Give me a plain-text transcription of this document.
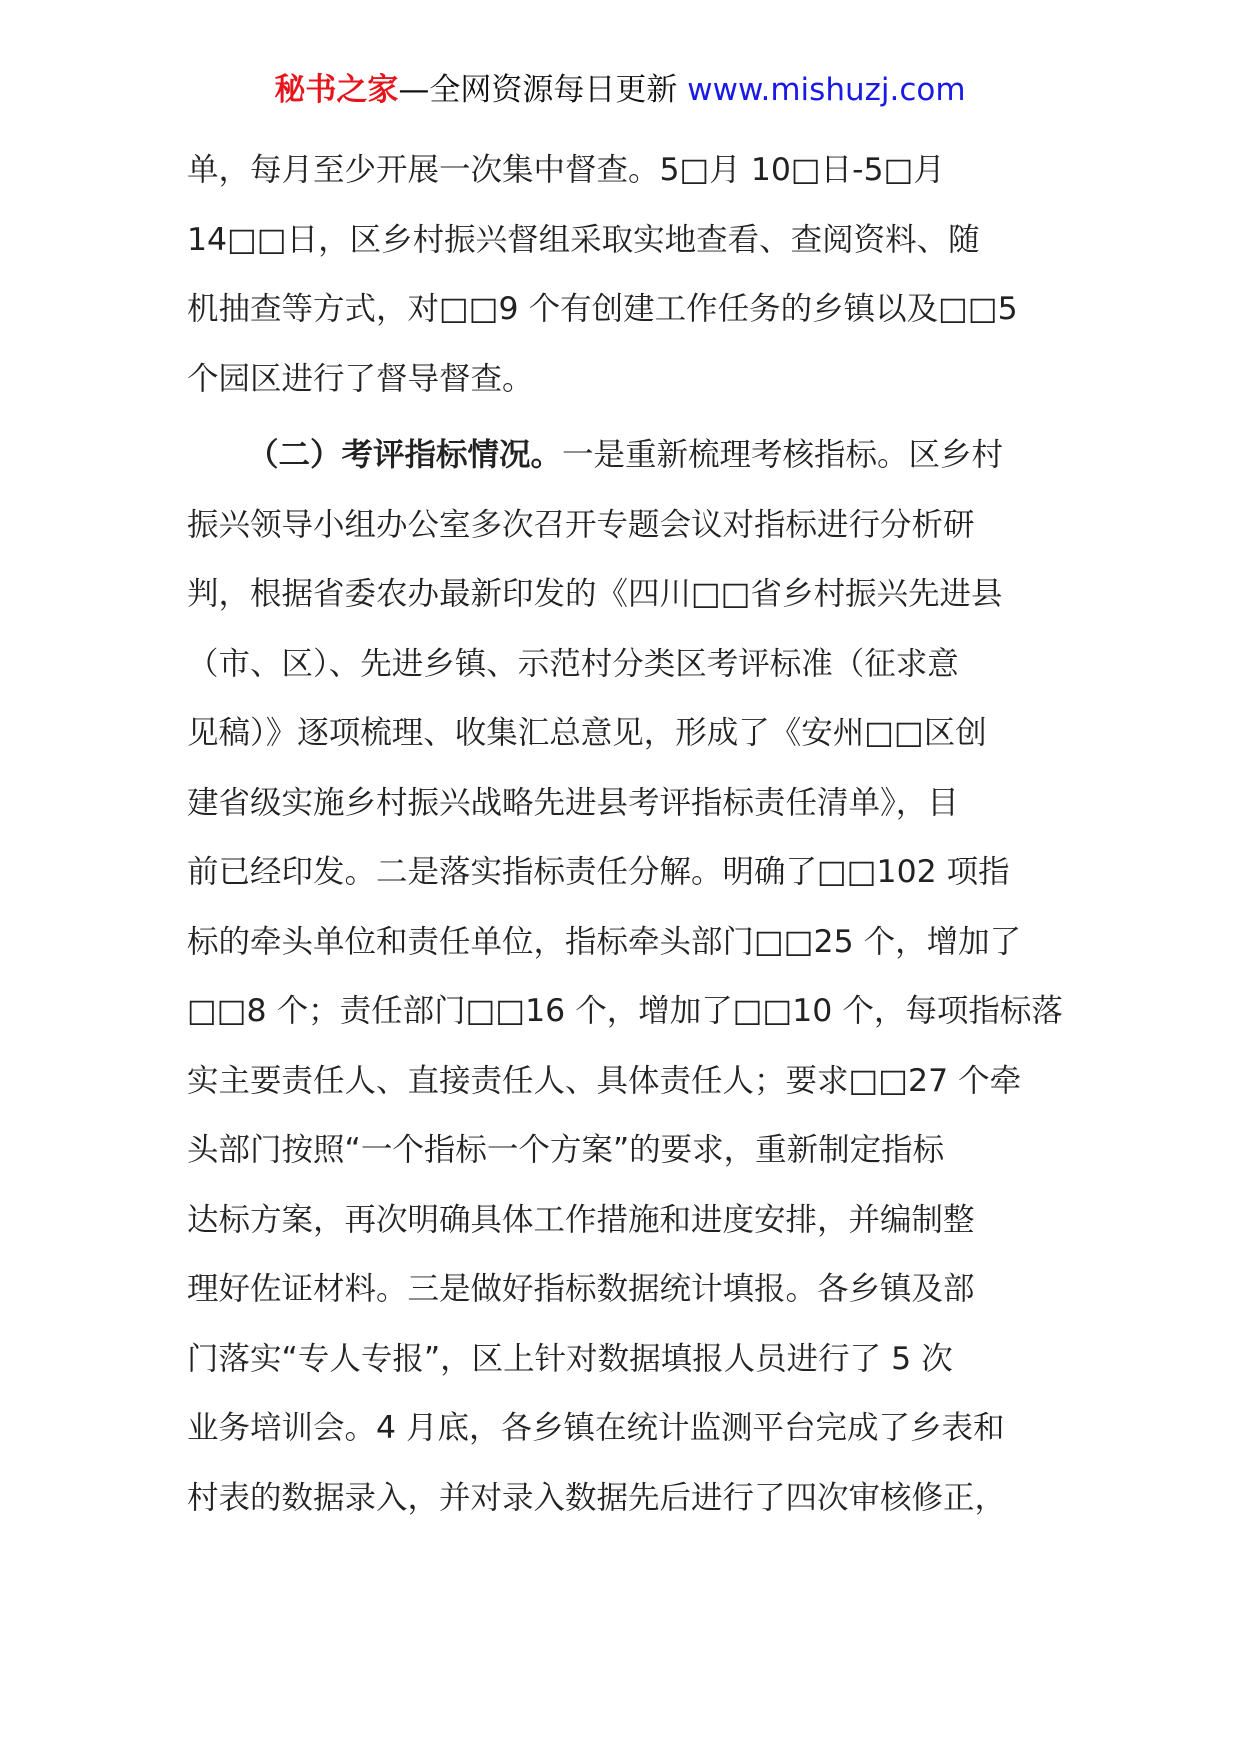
秘书之家—全网资源每日更新 www.mishuzj.com
单，每月至少开展一次集中督查。5□月 10□日-5□月
14□□日，区乡村振兴督组采取实地查看、查阅资料、随
机抽查等方式，对□□9 个有创建工作任务的乡镇以及□□5
个园区进行了督导督查。
（二）考评指标情况。一是重新梳理考核指标。区乡村
振兴领导小组办公室多次召开专题会议对指标进行分析研
判，根据省委农办最新印发的《四川□□省乡村振兴先进县
（市、区）、先进乡镇、示范村分类区考评标准（征求意
见稿）》逐项梳理、收集汇总意见，形成了《安州□□区创
建省级实施乡村振兴战略先进县考评指标责任清单》，目
前已经印发。二是落实指标责任分解。明确了□□102 项指
标的牵头单位和责任单位，指标牵头部门□□25 个，增加了
□□8 个；责任部门□□16 个，增加了□□10 个，每项指标落
实主要责任人、直接责任人、具体责任人；要求□□27 个牵
头部门按照“一个指标一个方案”的要求，重新制定指标
达标方案，再次明确具体工作措施和进度安排，并编制整
理好佐证材料。三是做好指标数据统计填报。各乡镇及部
门落实“专人专报”，区上针对数据填报人员进行了 5 次
业务培训会。4 月底，各乡镇在统计监测平台完成了乡表和
村表的数据录入，并对录入数据先后进行了四次审核修正，
